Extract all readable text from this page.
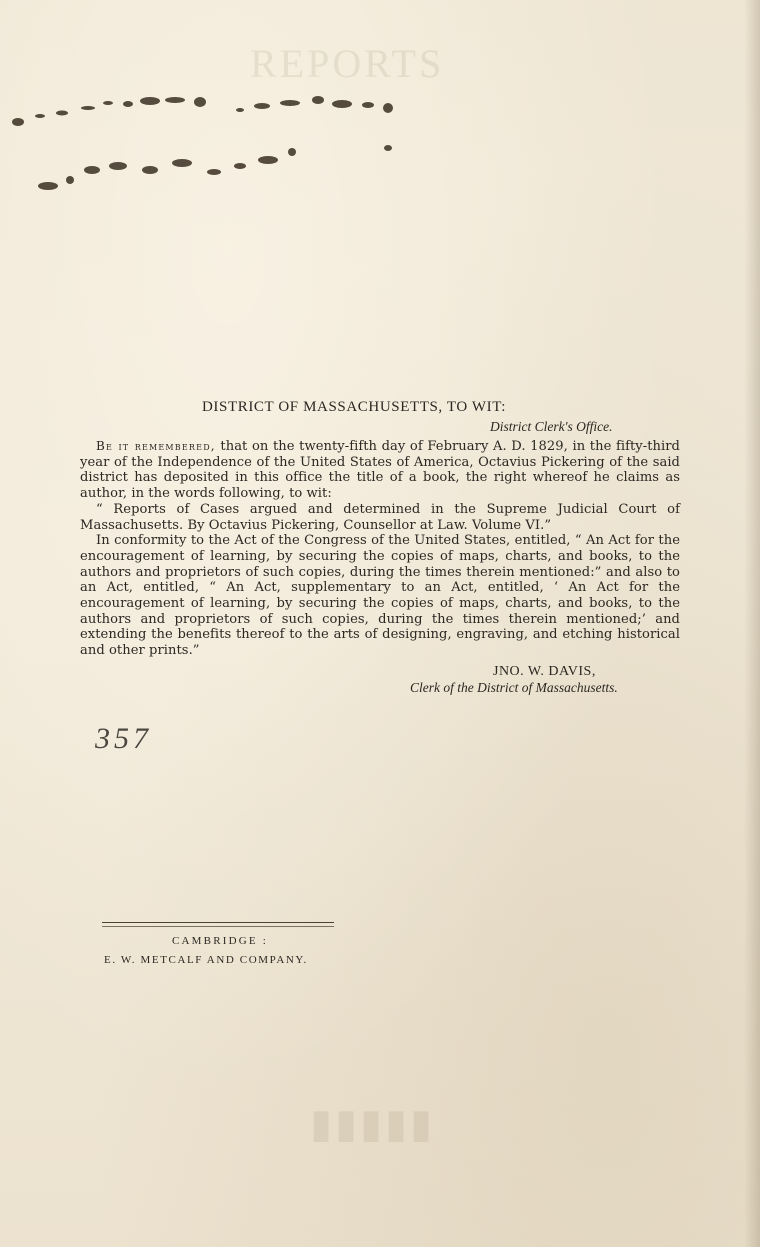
REPORTS
▮▮▮▮▮
DISTRICT OF MASSACHUSETTS, TO WIT:
District Clerk's Office.

Be it remembered, that on the twenty-fifth day of February A. D. 1829, in the fifty-third year of the Independence of the United States of America, Octavius Pickering of the said district has deposited in this office the title of a book, the right whereof he claims as author, in the words following, to wit:

“ Reports of Cases argued and determined in the Supreme Judicial Court of Massachusetts. By Octavius Pickering, Counsellor at Law. Volume VI.”

In conformity to the Act of the Congress of the United States, entitled, “ An Act for the encouragement of learning, by securing the copies of maps, charts, and books, to the authors and proprietors of such copies, during the times therein mentioned:” and also to an Act, entitled, “ An Act, supplementary to an Act, entitled, ‘ An Act for the encouragement of learning, by securing the copies of maps, charts, and books, to the authors and proprietors of such copies, during the times therein mentioned;’ and extending the benefits thereof to the arts of designing, engraving, and etching historical and other prints.”

JNO. W. DAVIS,
Clerk of the District of Massachusetts.
357
CAMBRIDGE :
E. W. METCALF AND COMPANY.
